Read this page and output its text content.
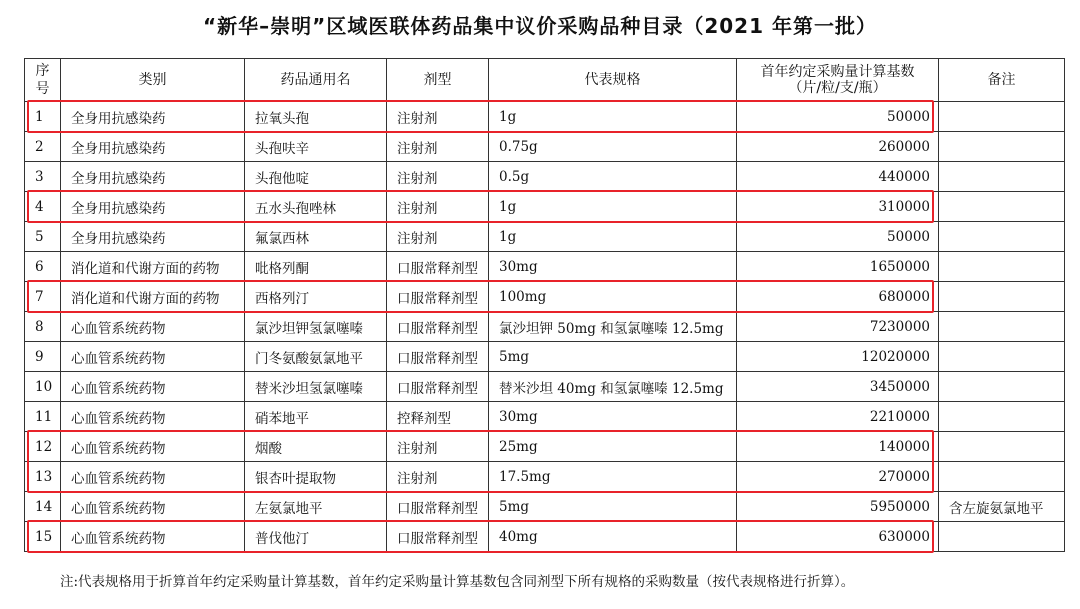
“新华–崇明”区域医联体药品集中议价采购品种目录（2021 年第一批）
序号	类别	药品通用名	剂型	代表规格	首年约定采购量计算基数
（片/粒/支/瓶）	备注
1	全身用抗感染药	拉氧头孢	注射剂	1g	50000	
2	全身用抗感染药	头孢呋辛	注射剂	0.75g	260000	
3	全身用抗感染药	头孢他啶	注射剂	0.5g	440000	
4	全身用抗感染药	五水头孢唑林	注射剂	1g	310000	
5	全身用抗感染药	氟氯西林	注射剂	1g	50000	
6	消化道和代谢方面的药物	吡格列酮	口服常释剂型	30mg	1650000	
7	消化道和代谢方面的药物	西格列汀	口服常释剂型	100mg	680000	
8	心血管系统药物	氯沙坦钾氢氯噻嗪	口服常释剂型	氯沙坦钾 50mg 和氢氯噻嗪 12.5mg	7230000	
9	心血管系统药物	门冬氨酸氨氯地平	口服常释剂型	5mg	12020000	
10	心血管系统药物	替米沙坦氢氯噻嗪	口服常释剂型	替米沙坦 40mg 和氢氯噻嗪 12.5mg	3450000	
11	心血管系统药物	硝苯地平	控释剂型	30mg	2210000	
12	心血管系统药物	烟酸	注射剂	25mg	140000	
13	心血管系统药物	银杏叶提取物	注射剂	17.5mg	270000	
14	心血管系统药物	左氨氯地平	口服常释剂型	5mg	5950000	含左旋氨氯地平
15	心血管系统药物	普伐他汀	口服常释剂型	40mg	630000	
注:代表规格用于折算首年约定采购量计算基数，首年约定采购量计算基数包含同剂型下所有规格的采购数量（按代表规格进行折算）。
